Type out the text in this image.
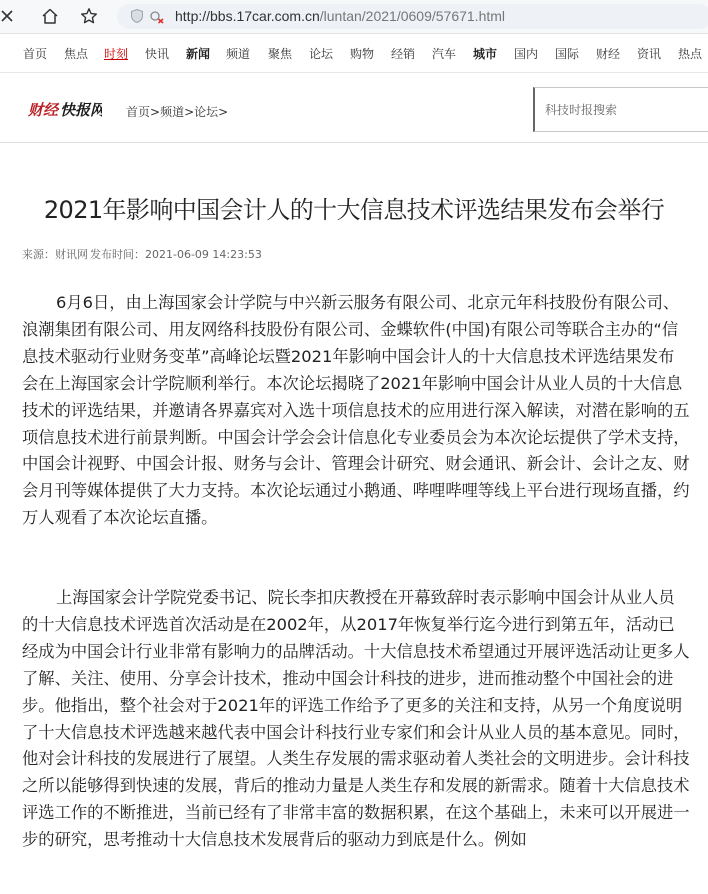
http://bbs.17car.com.cn/luntan/2021/0609/57671.html
首页 焦点 时刻 快讯 新闻 频道 聚焦 论坛 购物 经销 汽车 城市 国内 国际 财经 资讯 热点
财经 快报网 首页>频道>论坛>
科技时报搜索
2021年影响中国会计人的十大信息技术评选结果发布会举行
来源：财讯网 发布时间：2021-06-09 14:23:53

6月6日，由上海国家会计学院与中兴新云服务有限公司、北京元年科技股份有限公司、浪潮集团有限公司、用友网络科技股份有限公司、金蝶软件(中国)有限公司等联合主办的“信息技术驱动行业财务变革”高峰论坛暨2021年影响中国会计人的十大信息技术评选结果发布会在上海国家会计学院顺利举行。本次论坛揭晓了2021年影响中国会计从业人员的十大信息技术的评选结果，并邀请各界嘉宾对入选十项信息技术的应用进行深入解读，对潜在影响的五项信息技术进行前景判断。中国会计学会会计信息化专业委员会为本次论坛提供了学术支持，中国会计视野、中国会计报、财务与会计、管理会计研究、财会通讯、新会计、会计之友、财会月刊等媒体提供了大力支持。本次论坛通过小鹅通、哔哩哔哩等线上平台进行现场直播，约万人观看了本次论坛直播。

上海国家会计学院党委书记、院长李扣庆教授在开幕致辞时表示影响中国会计从业人员的十大信息技术评选首次活动是在2002年，从2017年恢复举行迄今进行到第五年，活动已经成为中国会计行业非常有影响力的品牌活动。十大信息技术希望通过开展评选活动让更多人了解、关注、使用、分享会计技术，推动中国会计科技的进步，进而推动整个中国社会的进步。他指出，整个社会对于2021年的评选工作给予了更多的关注和支持，从另一个角度说明了十大信息技术评选越来越代表中国会计科技行业专家们和会计从业人员的基本意见。同时，他对会计科技的发展进行了展望。人类生存发展的需求驱动着人类社会的文明进步。会计科技之所以能够得到快速的发展，背后的推动力量是人类生存和发展的新需求。随着十大信息技术评选工作的不断推进，当前已经有了非常丰富的数据积累，在这个基础上，未来可以开展进一步的研究，思考推动十大信息技术发展背后的驱动力到底是什么。例如
